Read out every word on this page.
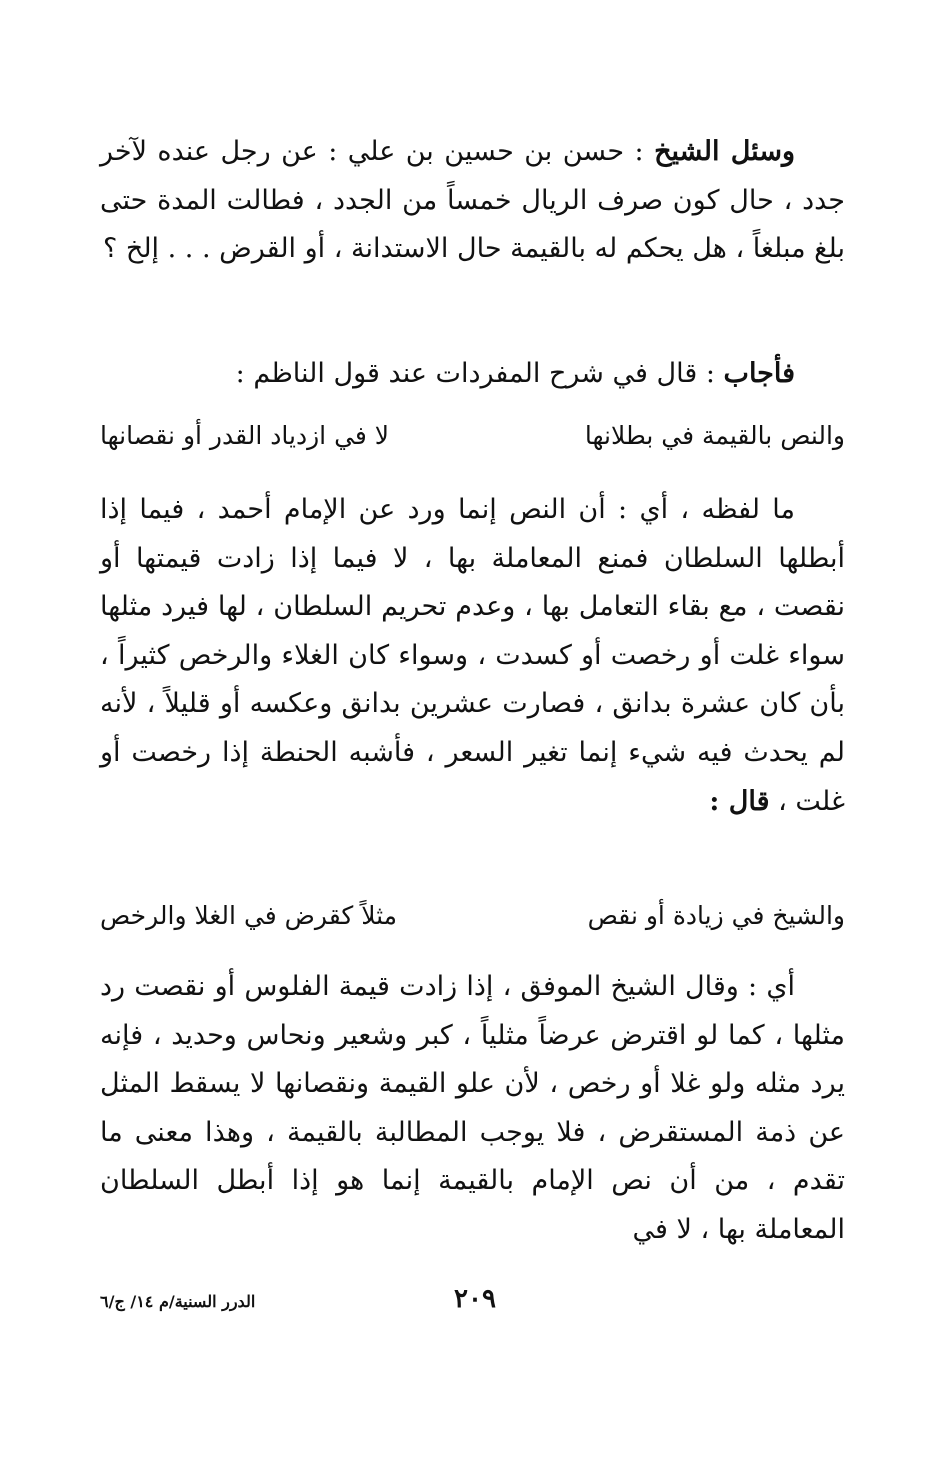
وسئل الشيخ : حسن بن حسين بن علي : عن رجل عنده لآخر جدد ، حال كون صرف الريال خمساً من الجدد ، فطالت المدة حتى بلغ مبلغاً ، هل يحكم له بالقيمة حال الاستدانة ، أو القرض . . . إلخ ؟

فأجاب : قال في شرح المفردات عند قول الناظم :

والنص بالقيمة في بطلانها
لا في ازدياد القدر أو نقصانها

ما لفظه ، أي : أن النص إنما ورد عن الإمام أحمد ، فيما إذا أبطلها السلطان فمنع المعاملة بها ، لا فيما إذا زادت قيمتها أو نقصت ، مع بقاء التعامل بها ، وعدم تحريم السلطان ، لها فيرد مثلها سواء غلت أو رخصت أو كسدت ، وسواء كان الغلاء والرخص كثيراً ، بأن كان عشرة بدانق ، فصارت عشرين بدانق وعكسه أو قليلاً ، لأنه لم يحدث فيه شيء إنما تغير السعر ، فأشبه الحنطة إذا رخصت أو غلت ، قال :

والشيخ في زيادة أو نقص
مثلاً كقرض في الغلا والرخص

أي : وقال الشيخ الموفق ، إذا زادت قيمة الفلوس أو نقصت رد مثلها ، كما لو اقترض عرضاً مثلياً ، كبر وشعير ونحاس وحديد ، فإنه يرد مثله ولو غلا أو رخص ، لأن علو القيمة ونقصانها لا يسقط المثل عن ذمة المستقرض ، فلا يوجب المطالبة بالقيمة ، وهذا معنى ما تقدم ، من أن نص الإمام بالقيمة إنما هو إذا أبطل السلطان المعاملة بها ، لا في

٢٠٩
الدرر السنية/م ١٤/ ج/٦
